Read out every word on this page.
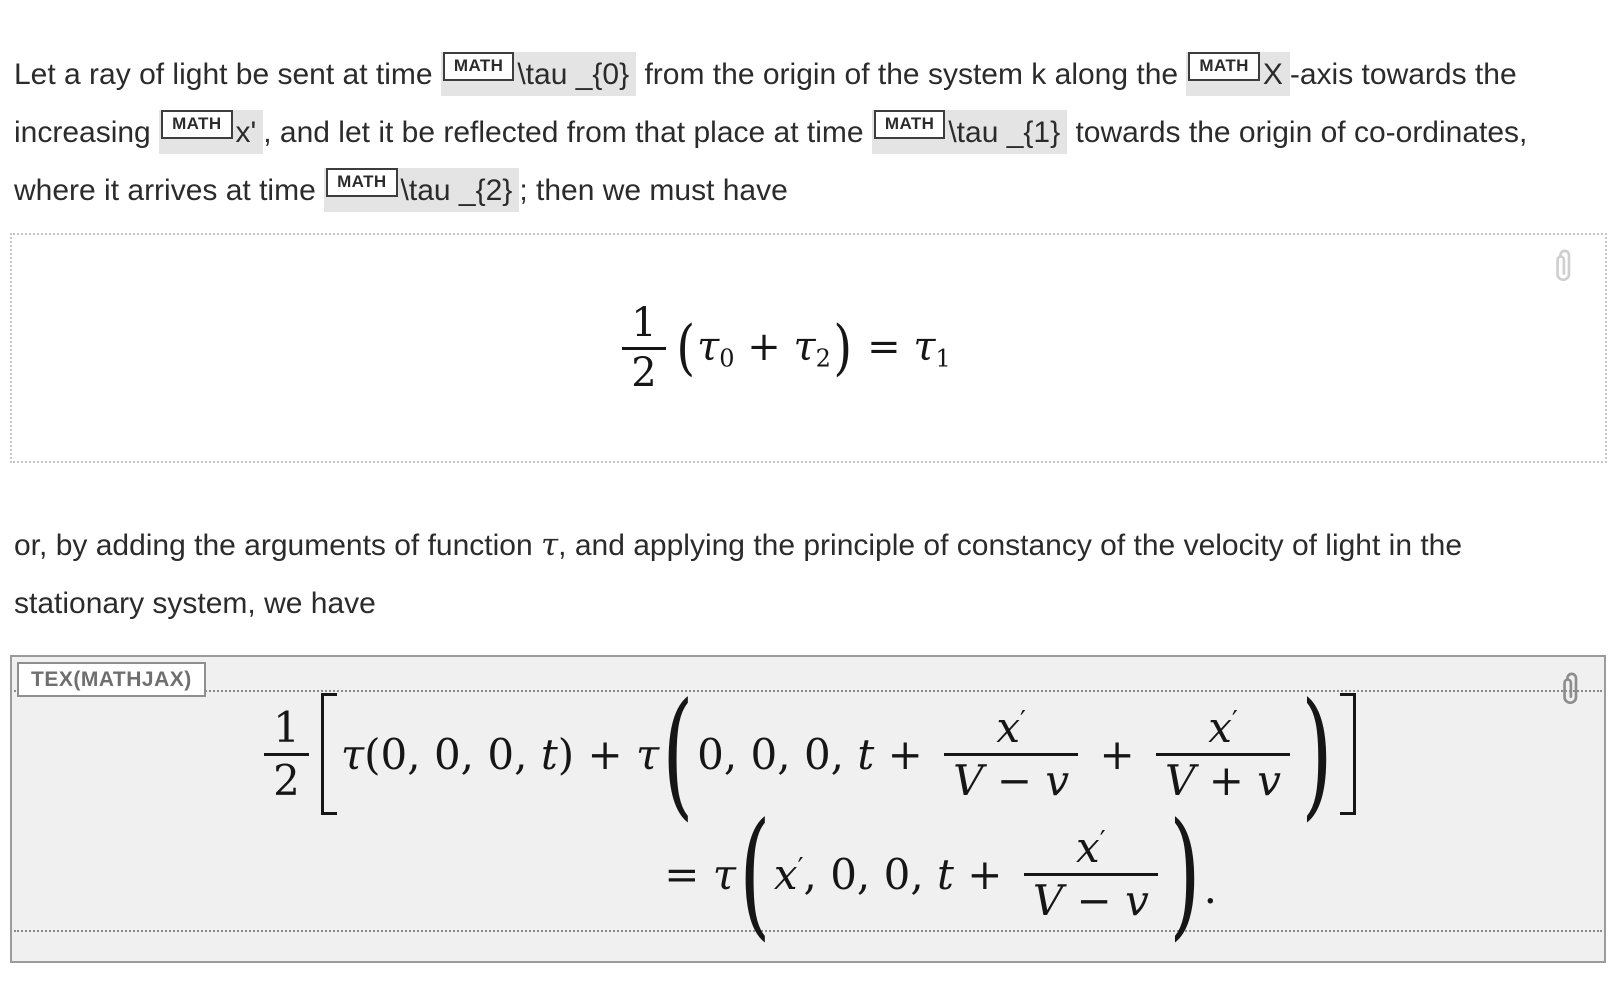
Let a ray of light be sent at time MATH \tau _{0} from the origin of the system k along the MATH X -axis towards the increasing MATH x' , and let it be reflected from that place at time MATH \tau _{1} towards the origin of co-ordinates, where it arrives at time MATH \tau _{2} ; then we must have

$\frac{1}{2}$ ( τ0 + τ2 ) = τ1

or, by adding the arguments of function τ, and applying the principle of constancy of the velocity of light in the stationary system, we have

TEX(MATHJAX)
$\frac{1}{2} \tau(0$, 0, 0, t) + τ ( 0, 0, 0, $t + \frac{x'}{V - v} + \frac{x'}{V + v}$ )
= τ ( x′, 0, 0, $t + \frac{x'}{V - v}$ ) .
